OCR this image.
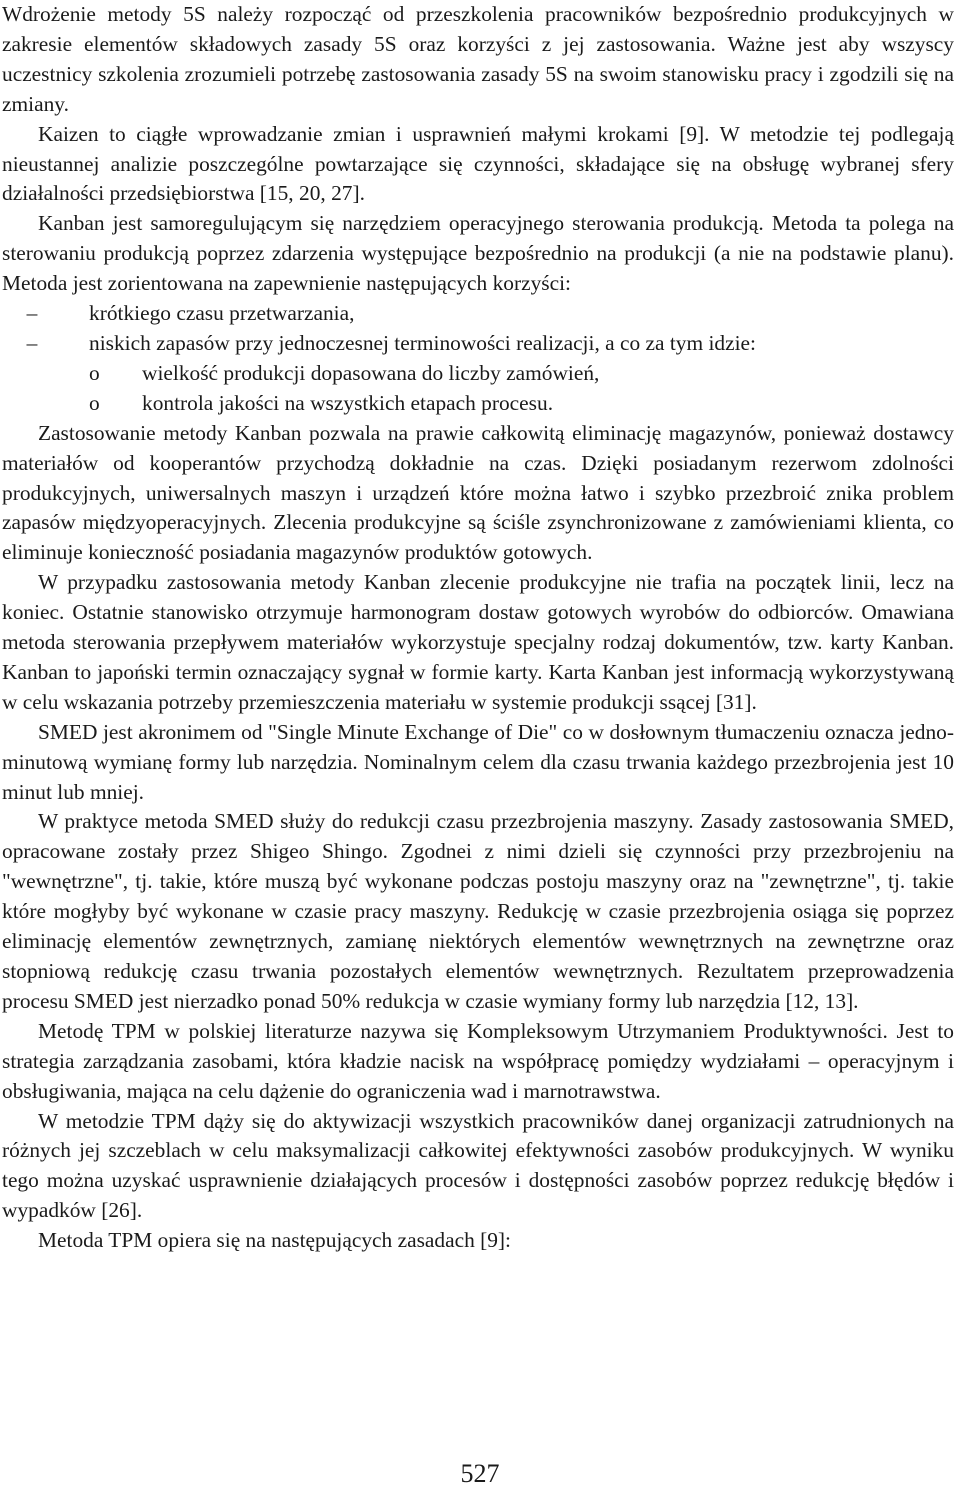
Wdrożenie metody 5S należy rozpocząć od przeszkolenia pracowników bezpośrednio produkcyjnych w zakresie elementów składowych zasady 5S oraz korzyści z jej zastosowania. Ważne jest aby wszyscy uczestnicy szkolenia zrozumieli potrzebę zastosowania zasady 5S na swoim stanowisku pracy i zgodzili się na zmiany.

Kaizen to ciągłe wprowadzanie zmian i usprawnień małymi krokami [9]. W metodzie tej podlegają nieustannej analizie poszczególne powtarzające się czynności, składające się na obsługę wybranej sfery działalności przedsiębiorstwa [15, 20, 27].

Kanban jest samoregulującym się narzędziem operacyjnego sterowania produkcją. Metoda ta polega na sterowaniu produkcją poprzez zdarzenia występujące bezpośrednio na produkcji (a nie na podstawie planu). Metoda jest zorientowana na zapewnienie następujących korzyści:

–	krótkiego czasu przetwarzania,
–	niskich zapasów przy jednoczesnej terminowości realizacji, a co za tym idzie:
o wielkość produkcji dopasowana do liczby zamówień,
o kontrola jakości na wszystkich etapach procesu.

Zastosowanie metody Kanban pozwala na prawie całkowitą eliminację magazynów, ponieważ dostawcy materiałów od kooperantów przychodzą dokładnie na czas. Dzięki posiadanym rezerwom zdolności produkcyjnych, uniwersalnych maszyn i urządzeń które można łatwo i szybko przezbroić znika problem zapasów międzyoperacyjnych. Zlecenia produkcyjne są ściśle zsynchronizowane z zamówieniami klienta, co eliminuje konieczność posiadania magazynów produktów gotowych.

W przypadku zastosowania metody Kanban zlecenie produkcyjne nie trafia na początek linii, lecz na koniec. Ostatnie stanowisko otrzymuje harmonogram dostaw gotowych wyrobów do odbiorców. Omawiana metoda sterowania przepływem materiałów wykorzystuje specjalny rodzaj dokumentów, tzw. karty Kanban. Kanban to japoński termin oznaczający sygnał w formie karty. Karta Kanban jest informacją wykorzystywaną w celu wskazania potrzeby przemieszczenia materiału w systemie produkcji ssącej [31].

SMED jest akronimem od "Single Minute Exchange of Die" co w dosłownym tłumaczeniu oznacza jedno-minutową wymianę formy lub narzędzia. Nominalnym celem dla czasu trwania każdego przezbrojenia jest 10 minut lub mniej.

W praktyce metoda SMED służy do redukcji czasu przezbrojenia maszyny. Zasady zastosowania SMED, opracowane zostały przez Shigeo Shingo. Zgodnei z nimi dzieli się czynności przy przezbrojeniu na "wewnętrzne", tj. takie, które muszą być wykonane podczas postoju maszyny oraz na "zewnętrzne", tj. takie które mogłyby być wykonane w czasie pracy maszyny. Redukcję w czasie przezbrojenia osiąga się poprzez eliminację elementów zewnętrznych, zamianę niektórych elementów wewnętrznych na zewnętrzne oraz stopniową redukcję czasu trwania pozostałych elementów wewnętrznych. Rezultatem przeprowadzenia procesu SMED jest nierzadko ponad 50% redukcja w czasie wymiany formy lub narzędzia [12, 13].

Metodę TPM w polskiej literaturze nazywa się Kompleksowym Utrzymaniem Produktywności. Jest to strategia zarządzania zasobami, która kładzie nacisk na współpracę pomiędzy wydziałami – operacyjnym i obsługiwania, mająca na celu dążenie do ograniczenia wad i marnotrawstwa.

W metodzie TPM dąży się do aktywizacji wszystkich pracowników danej organizacji zatrudnionych na różnych jej szczeblach w celu maksymalizacji całkowitej efektywności zasobów produkcyjnych. W wyniku tego można uzyskać usprawnienie działających procesów i dostępności zasobów poprzez redukcję błędów i wypadków [26].

Metoda TPM opiera się na następujących zasadach [9]:

527
